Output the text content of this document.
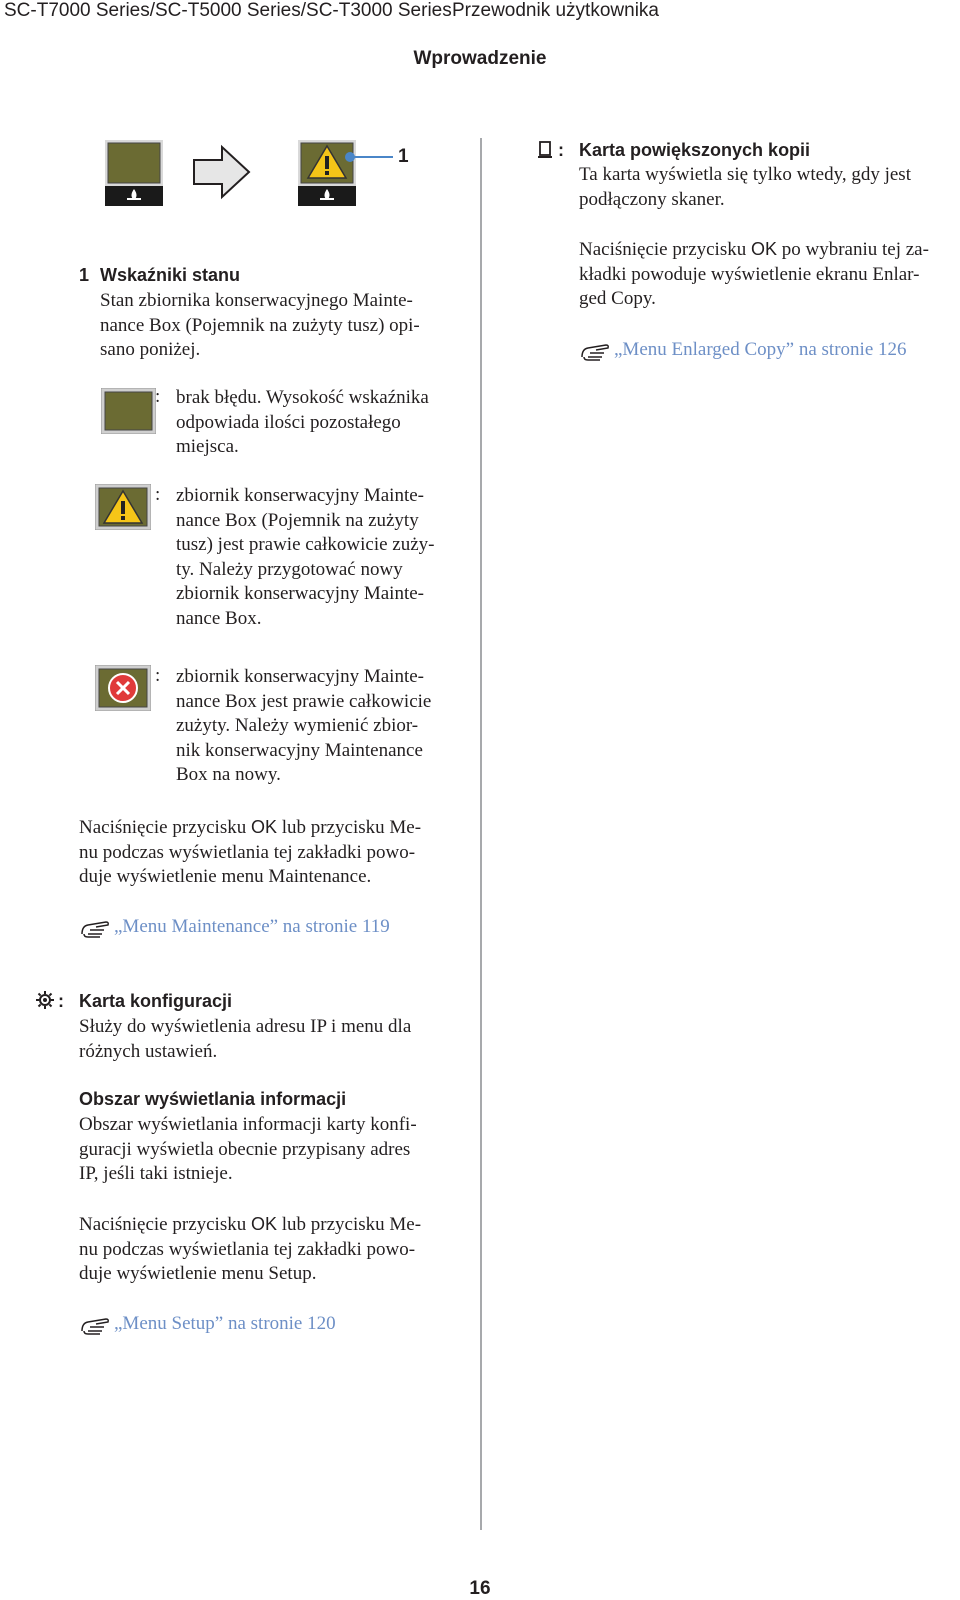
SC-T7000 Series/SC-T5000 Series/SC-T3000 Series Przewodnik użytkownika
Wprowadzenie
1
1 Wskaźniki stanu
Stan zbiornika konserwacyjnego Mainte-
nance Box (Pojemnik na zużyty tusz) opi-
sano poniżej.
: brak błędu. Wysokość wskaźnika
odpowiada ilości pozostałego
miejsca.
: zbiornik konserwacyjny Mainte-
nance Box (Pojemnik na zużyty
tusz) jest prawie całkowicie zuży-
ty. Należy przygotować nowy
zbiornik konserwacyjny Mainte-
nance Box.
: zbiornik konserwacyjny Mainte-
nance Box jest prawie całkowicie
zużyty. Należy wymienić zbior-
nik konserwacyjny Maintenance
Box na nowy.
Naciśnięcie przycisku OK lub przycisku Me-
nu podczas wyświetlania tej zakładki powo-
duje wyświetlenie menu Maintenance.
„Menu Maintenance” na stronie 119
: Karta konfiguracji
Służy do wyświetlenia adresu IP i menu dla
różnych ustawień.
Obszar wyświetlania informacji
Obszar wyświetlania informacji karty konfi-
guracji wyświetla obecnie przypisany adres
IP, jeśli taki istnieje.
Naciśnięcie przycisku OK lub przycisku Me-
nu podczas wyświetlania tej zakładki powo-
duje wyświetlenie menu Setup.
„Menu Setup” na stronie 120
: Karta powiększonych kopii
Ta karta wyświetla się tylko wtedy, gdy jest
podłączony skaner.
Naciśnięcie przycisku OK po wybraniu tej za-
kładki powoduje wyświetlenie ekranu Enlar-
ged Copy.
„Menu Enlarged Copy” na stronie 126
16
